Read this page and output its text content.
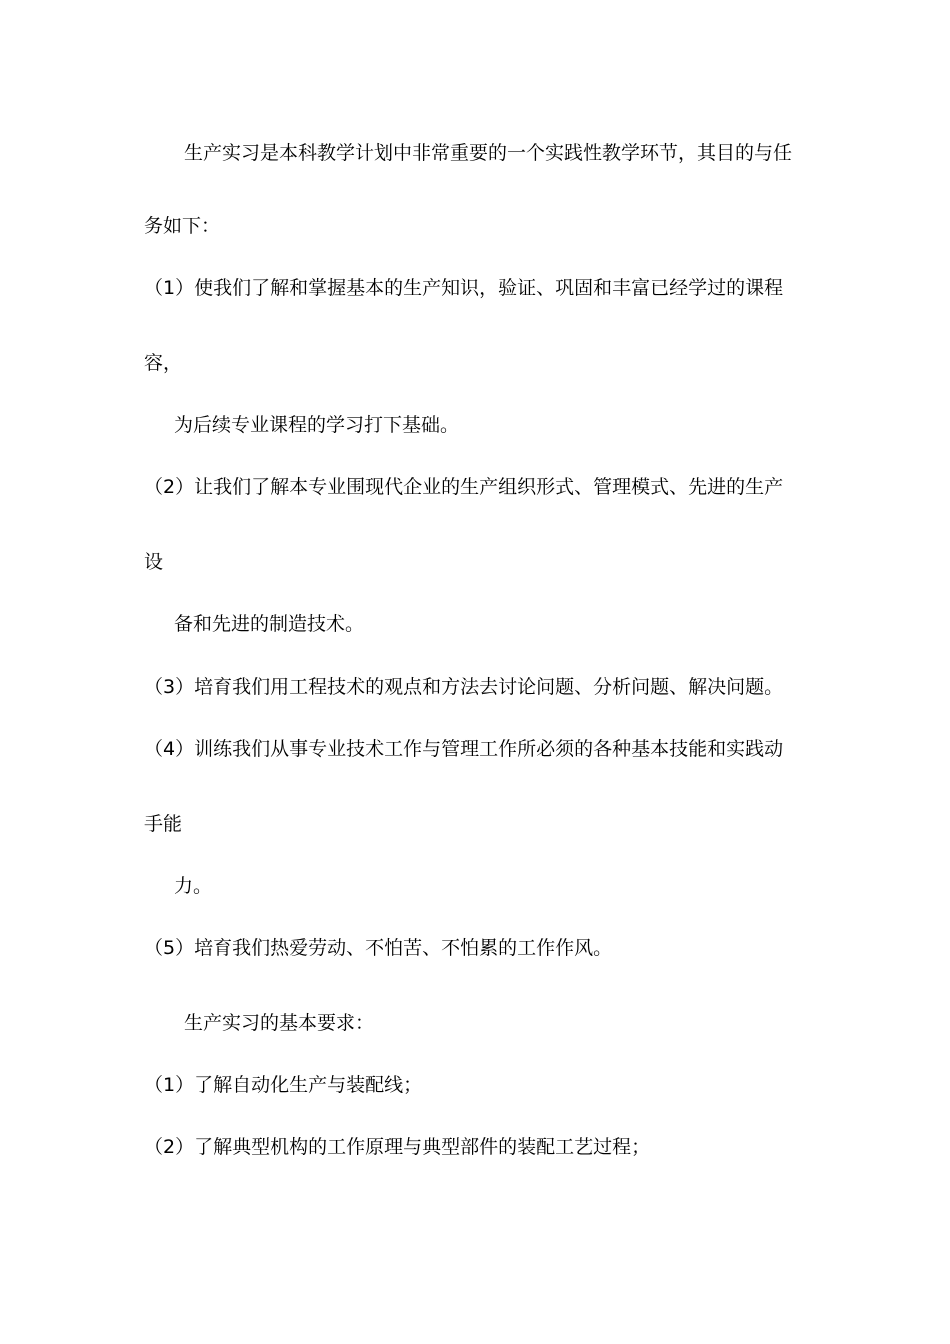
生产实习是本科教学计划中非常重要的一个实践性教学环节，其目的与任
务如下：
（1）使我们了解和掌握基本的生产知识，验证、巩固和丰富已经学过的课程
容，
为后续专业课程的学习打下基础。
（2）让我们了解本专业围现代企业的生产组织形式、管理模式、先进的生产
设
备和先进的制造技术。
（3）培育我们用工程技术的观点和方法去讨论问题、分析问题、解决问题。
（4）训练我们从事专业技术工作与管理工作所必须的各种基本技能和实践动
手能
力。
（5）培育我们热爱劳动、不怕苦、不怕累的工作作风。
生产实习的基本要求：
（1）了解自动化生产与装配线；
（2）了解典型机构的工作原理与典型部件的装配工艺过程；
